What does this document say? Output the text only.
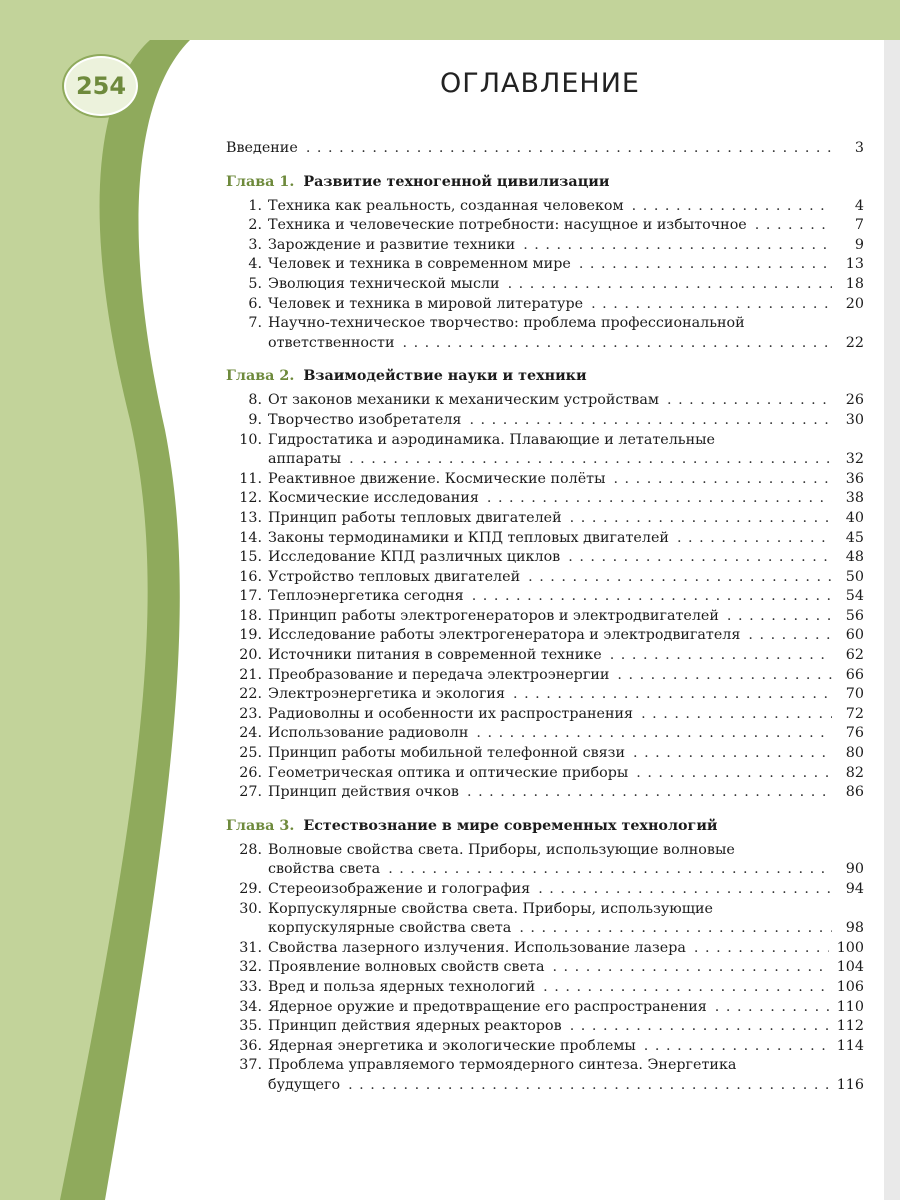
254	ОГЛАВЛЕНИЕ
Введение . . .	3
Глава 1. Развитие техногенной цивилизации
1. Техника как реальность, созданная человеком . . .	4
2. Техника и человеческие потребности: насущное и избыточное . . .	7
3. Зарождение и развитие техники . . .	9
4. Человек и техника в современном мире . . .	13
5. Эволюция технической мысли . . .	18
6. Человек и техника в мировой литературе . . .	20
7. Научно-техническое творчество: проблема профессиональной
ответственности . . .	22
Глава 2. Взаимодействие науки и техники
8. От законов механики к механическим устройствам . . .	26
9. Творчество изобретателя . . .	30
10. Гидростатика и аэродинамика. Плавающие и летательные
аппараты . . .	32
11. Реактивное движение. Космические полёты . . .	36
12. Космические исследования . . .	38
13. Принцип работы тепловых двигателей . . .	40
14. Законы термодинамики и КПД тепловых двигателей . . .	45
15. Исследование КПД различных циклов . . .	48
16. Устройство тепловых двигателей . . .	50
17. Теплоэнергетика сегодня . . .	54
18. Принцип работы электрогенераторов и электродвигателей . . .	56
19. Исследование работы электрогенератора и электродвигателя . . .	60
20. Источники питания в современной технике . . .	62
21. Преобразование и передача электроэнергии . . .	66
22. Электроэнергетика и экология . . .	70
23. Радиоволны и особенности их распространения . . .	72
24. Использование радиоволн . . .	76
25. Принцип работы мобильной телефонной связи . . .	80
26. Геометрическая оптика и оптические приборы . . .	82
27. Принцип действия очков . . .	86
Глава 3. Естествознание в мире современных технологий
28. Волновые свойства света. Приборы, использующие волновые
свойства света . . .	90
29. Стереоизображение и голография . . .	94
30. Корпускулярные свойства света. Приборы, использующие
корпускулярные свойства света . . .	98
31. Свойства лазерного излучения. Использование лазера . . .	100
32. Проявление волновых свойств света . . .	104
33. Вред и польза ядерных технологий . . .	106
34. Ядерное оружие и предотвращение его распространения . . .	110
35. Принцип действия ядерных реакторов . . .	112
36. Ядерная энергетика и экологические проблемы . . .	114
37. Проблема управляемого термоядерного синтеза. Энергетика
будущего . . .	116
